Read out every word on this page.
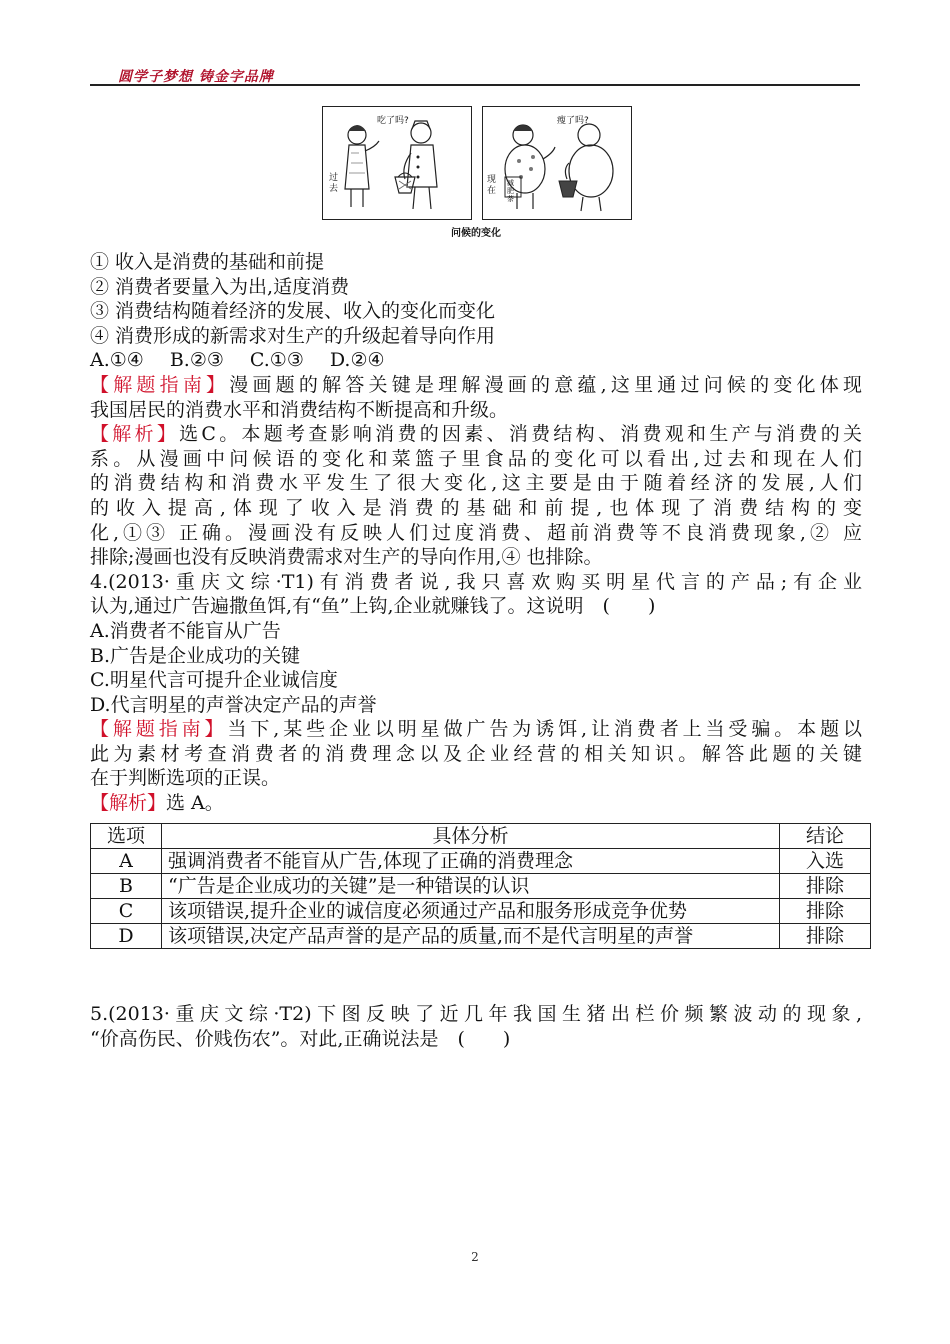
圆学子梦想 铸金字品牌
吃了吗?
过去
瘦了吗?
现在
减肥茶
问候的变化
① 收入是消费的基础和前提
② 消费者要量入为出,适度消费
③ 消费结构随着经济的发展、收入的变化而变化
④ 消费形成的新需求对生产的升级起着导向作用
A.①④ B.②③ C.①③ D.②④
【解题指南】漫画题的解答关键是理解漫画的意蕴,这里通过问候的变化体现
我国居民的消费水平和消费结构不断提高和升级。
【解析】选C。本题考查影响消费的因素、消费结构、消费观和生产与消费的关
系。从漫画中问候语的变化和菜篮子里食品的变化可以看出,过去和现在人们
的消费结构和消费水平发生了很大变化,这主要是由于随着经济的发展,人们
的收入提高,体现了收入是消费的基础和前提,也体现了消费结构的变
化,①③ 正确。漫画没有反映人们过度消费、超前消费等不良消费现象,② 应
排除;漫画也没有反映消费需求对生产的导向作用,④ 也排除。
4.(2013·重庆文综·T1)有消费者说,我只喜欢购买明星代言的产品;有企业
认为,通过广告遍撒鱼饵,有“鱼”上钩,企业就赚钱了。这说明　(　　)
A.消费者不能盲从广告
B.广告是企业成功的关键
C.明星代言可提升企业诚信度
D.代言明星的声誉决定产品的声誉
【解题指南】当下,某些企业以明星做广告为诱饵,让消费者上当受骗。本题以
此为素材考查消费者的消费理念以及企业经营的相关知识。解答此题的关键
在于判断选项的正误。
【解析】选 A。
选项	具体分析	结论
A	强调消费者不能盲从广告,体现了正确的消费理念	入选
B	“广告是企业成功的关键”是一种错误的认识	排除
C	该项错误,提升企业的诚信度必须通过产品和服务形成竞争优势	排除
D	该项错误,决定产品声誉的是产品的质量,而不是代言明星的声誉	排除
5.(2013·重庆文综·T2)下图反映了近几年我国生猪出栏价频繁波动的现象,
“价高伤民、价贱伤农”。对此,正确说法是　(　　)
2
